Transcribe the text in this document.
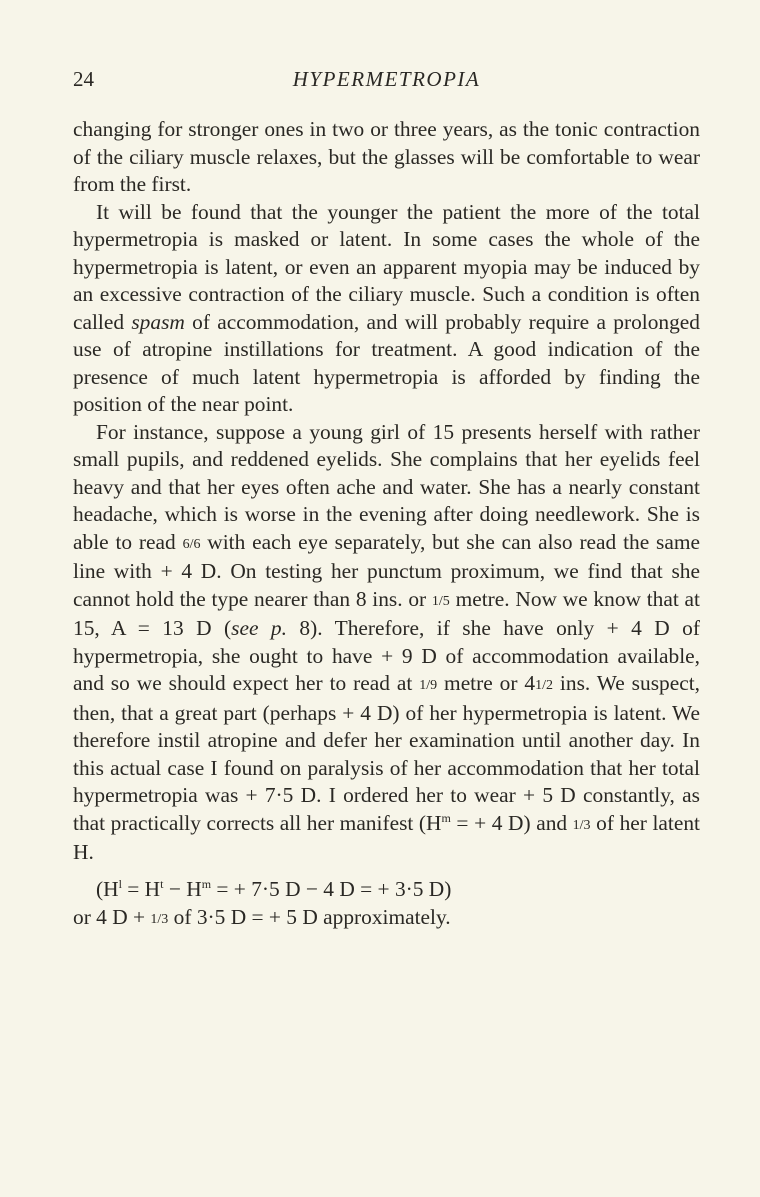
24	HYPERMETROPIA

changing for stronger ones in two or three years, as the tonic contraction of the ciliary muscle relaxes, but the glasses will be comfortable to wear from the first.

It will be found that the younger the patient the more of the total hypermetropia is masked or latent. In some cases the whole of the hypermetropia is latent, or even an apparent myopia may be induced by an excessive contraction of the ciliary muscle. Such a condition is often called spasm of accommodation, and will probably require a prolonged use of atropine instillations for treatment. A good indication of the presence of much latent hypermetropia is afforded by finding the position of the near point.

For instance, suppose a young girl of 15 presents herself with rather small pupils, and reddened eyelids. She complains that her eyelids feel heavy and that her eyes often ache and water. She has a nearly constant headache, which is worse in the evening after doing needlework. She is able to read 6/6 with each eye separately, but she can also read the same line with + 4 D. On testing her punctum proximum, we find that she cannot hold the type nearer than 8 ins. or 1/5 metre. Now we know that at 15, A = 13 D (see p. 8). Therefore, if she have only + 4 D of hypermetropia, she ought to have + 9 D of accommodation available, and so we should expect her to read at 1/9 metre or 41/2 ins. We suspect, then, that a great part (perhaps + 4 D) of her hypermetropia is latent. We therefore instil atropine and defer her examination until another day. In this actual case I found on paralysis of her accommodation that her total hypermetropia was + 7·5 D. I ordered her to wear + 5 D constantly, as that practically corrects all her manifest ($H^m$ = + 4 D) and 1/3 of her latent H.

($H^l = H^t - H^m$ = + 7·5 D − 4 D = + 3·5 D)

or 4 D + 1/3 of 3·5 D = + 5 D approximately.
